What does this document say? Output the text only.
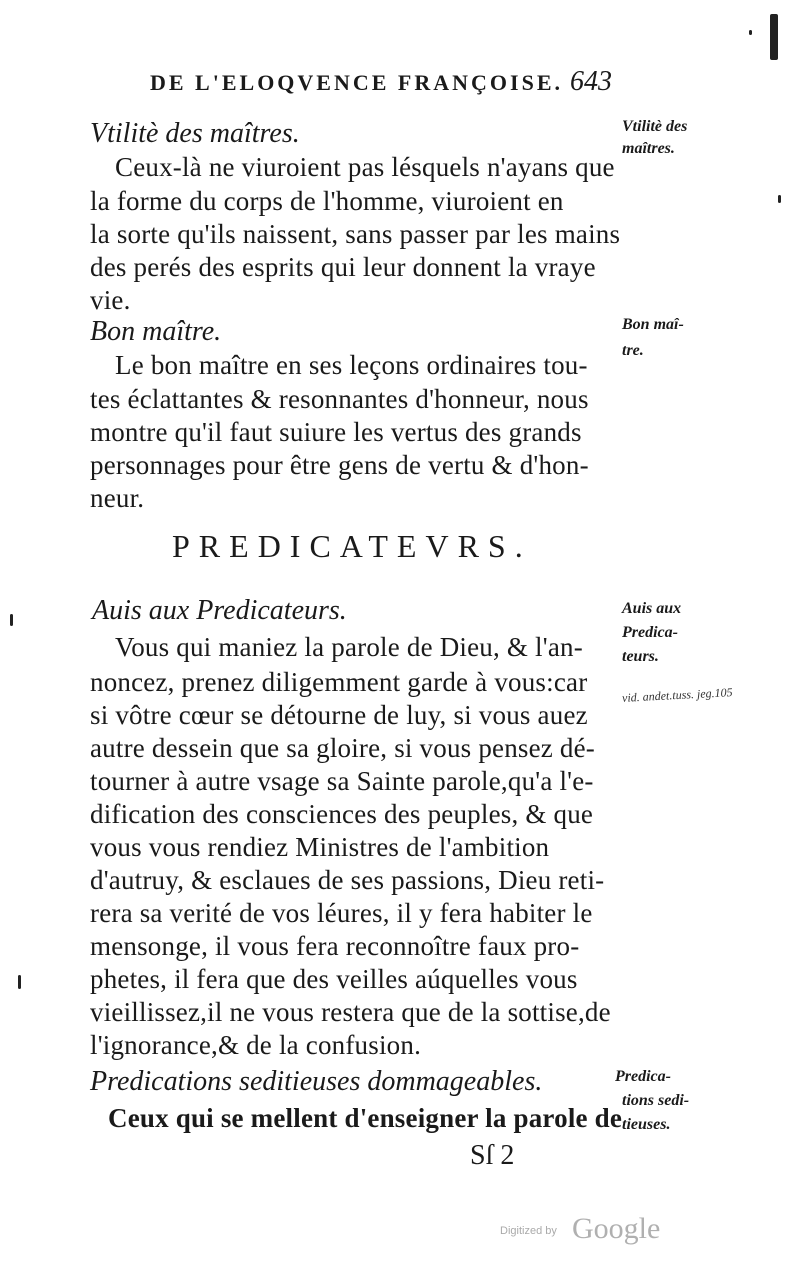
DE L'ELOQVENCE FRANÇOISE. 643
Vtilitè des maîtres.
Ceux-là ne viuroient pas lésquels n'ayans que
la forme du corps de l'homme, viuroient en
la sorte qu'ils naissent, sans passer par les mains
des perés des esprits qui leur donnent la vraye
vie.
Bon maître.
Le bon maître en ses leçons ordinaires tou-
tes éclattantes & resonnantes d'honneur, nous
montre qu'il faut suiure les vertus des grands
personnages pour être gens de vertu & d'hon-
neur.
PREDICATEVRS.
Auis aux Predicateurs.
Vous qui maniez la parole de Dieu, & l'an-
noncez, prenez diligemment garde à vous:car
si vôtre cœur se détourne de luy, si vous auez
autre dessein que sa gloire, si vous pensez dé-
tourner à autre vsage sa Sainte parole,qu'a l'e-
dification des consciences des peuples, & que
vous vous rendiez Ministres de l'ambition
d'autruy, & esclaues de ses passions, Dieu reti-
rera sa verité de vos léures, il y fera habiter le
mensonge, il vous fera reconnoître faux pro-
phetes, il fera que des veilles aúquelles vous
vieillissez,il ne vous restera que de la sottise,de
l'ignorance,& de la confusion.
Predications seditieuses dommageables.
Ceux qui se mellent d'enseigner la parole de
Sſ 2
Vtilitè des
maîtres.
Bon maî-
tre.
Auis aux
Predica-
teurs.
vid. andet.tuss. jeg.105
Predica-
tions sedi-
tieuses.
Digitized by Google
